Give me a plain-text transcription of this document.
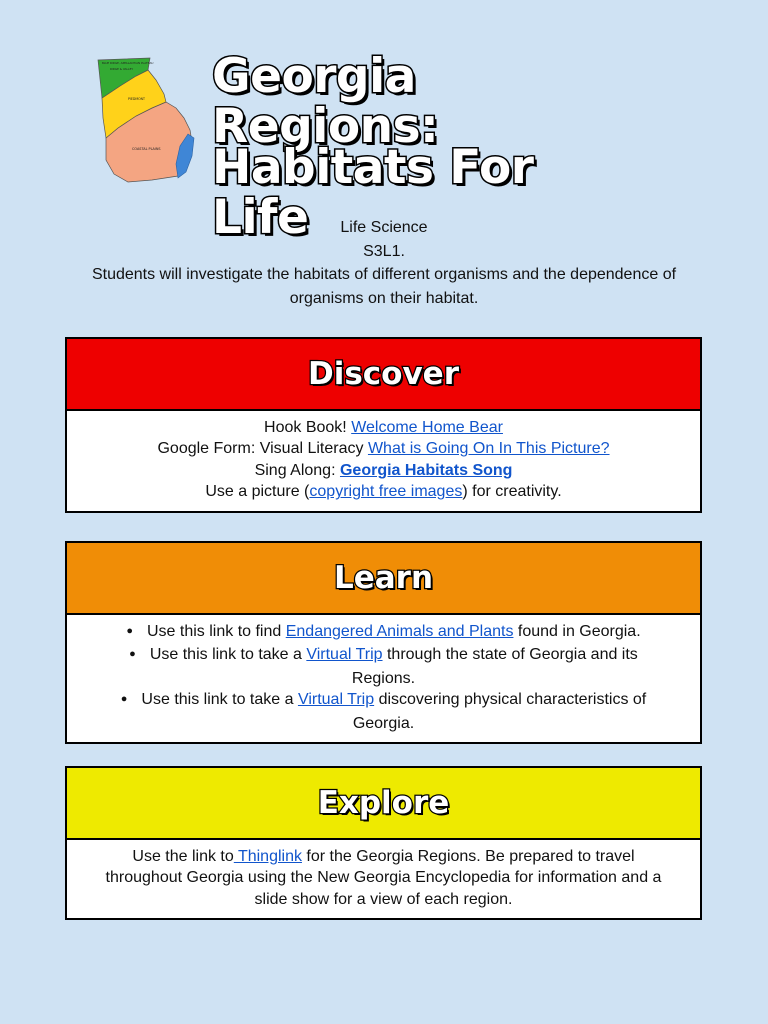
BLUE RIDGE, APPALACHIAN PLATEAU
RIDGE & VALLEY
PIEDMONT
COASTAL PLAINS
Georgia Regions:
Habitats For Life	Life Science
S3L1.
Students will investigate the habitats of different organisms and the dependence of
organisms on their habitat.
Discover
Hook Book! Welcome Home Bear
Google Form: Visual Literacy What is Going On In This Picture?
Sing Along: Georgia Habitats Song
Use a picture (copyright free images) for creativity.
Learn
● Use this link to find Endangered Animals and Plants found in Georgia.
● Use this link to take a Virtual Trip through the state of Georgia and its
Regions.
● Use this link to take a Virtual Trip discovering physical characteristics of
Georgia.
Explore
Use the link to Thinglink for the Georgia Regions. Be prepared to travel
throughout Georgia using the New Georgia Encyclopedia for information and a
slide show for a view of each region.
